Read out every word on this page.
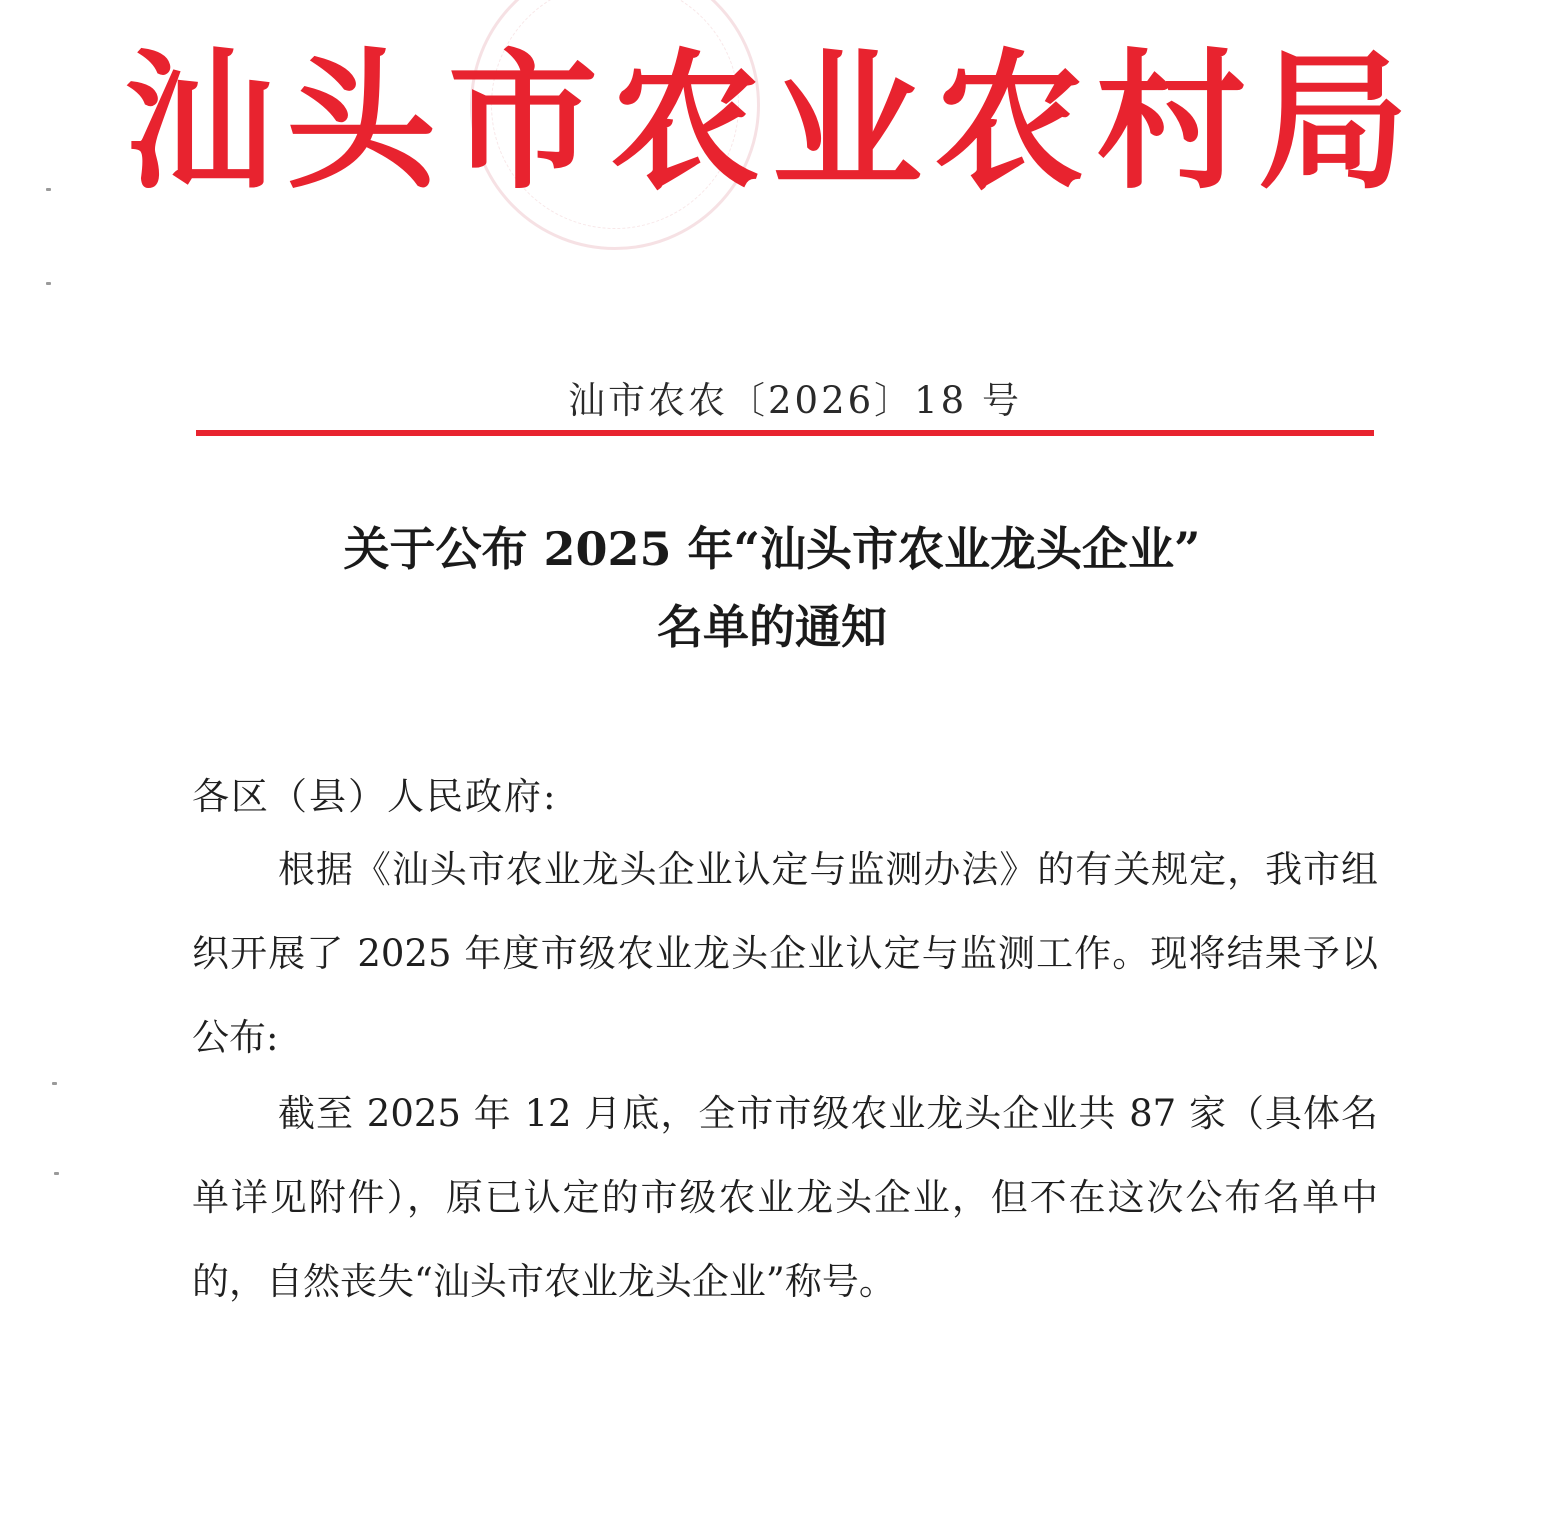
汕头市农业农村局
汕市农农〔2026〕18 号
关于公布 2025 年“汕头市农业龙头企业”
名单的通知
各区（县）人民政府:
根据《汕头市农业龙头企业认定与监测办法》的有关规定，我市组织开展了 2025 年度市级农业龙头企业认定与监测工作。现将结果予以公布:
截至 2025 年 12 月底，全市市级农业龙头企业共 87 家（具体名单详见附件），原已认定的市级农业龙头企业，但不在这次公布名单中的，自然丧失“汕头市农业龙头企业”称号。
